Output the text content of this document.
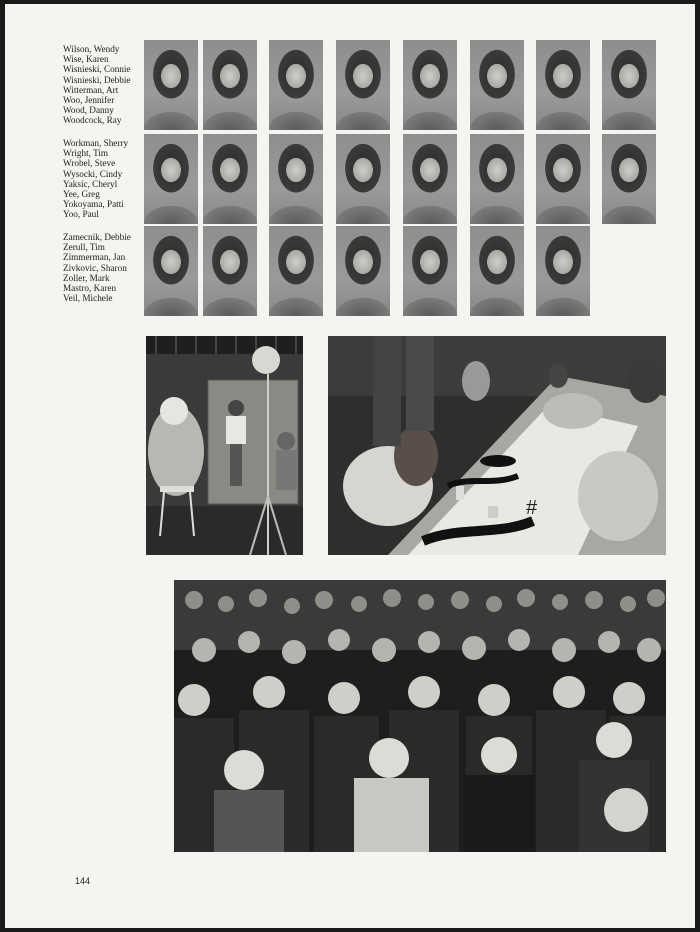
Wilson, Wendy
Wise, Karen
Wisnieski, Connie
Wisnieski, Debbie
Witterman, Art
Woo, Jennifer
Wood, Danny
Woodcock, Ray
Workman, Sherry
Wright, Tim
Wrobel, Steve
Wysocki, Cindy
Yaksic, Cheryl
Yee, Greg
Yokoyama, Patti
Yoo, Paul
Zamecnik, Debbie
Zerull, Tim
Zimmerman, Jan
Zivkovic, Sharon
Zoller, Mark
Mastro, Karen
Veil, Michele
#
144
